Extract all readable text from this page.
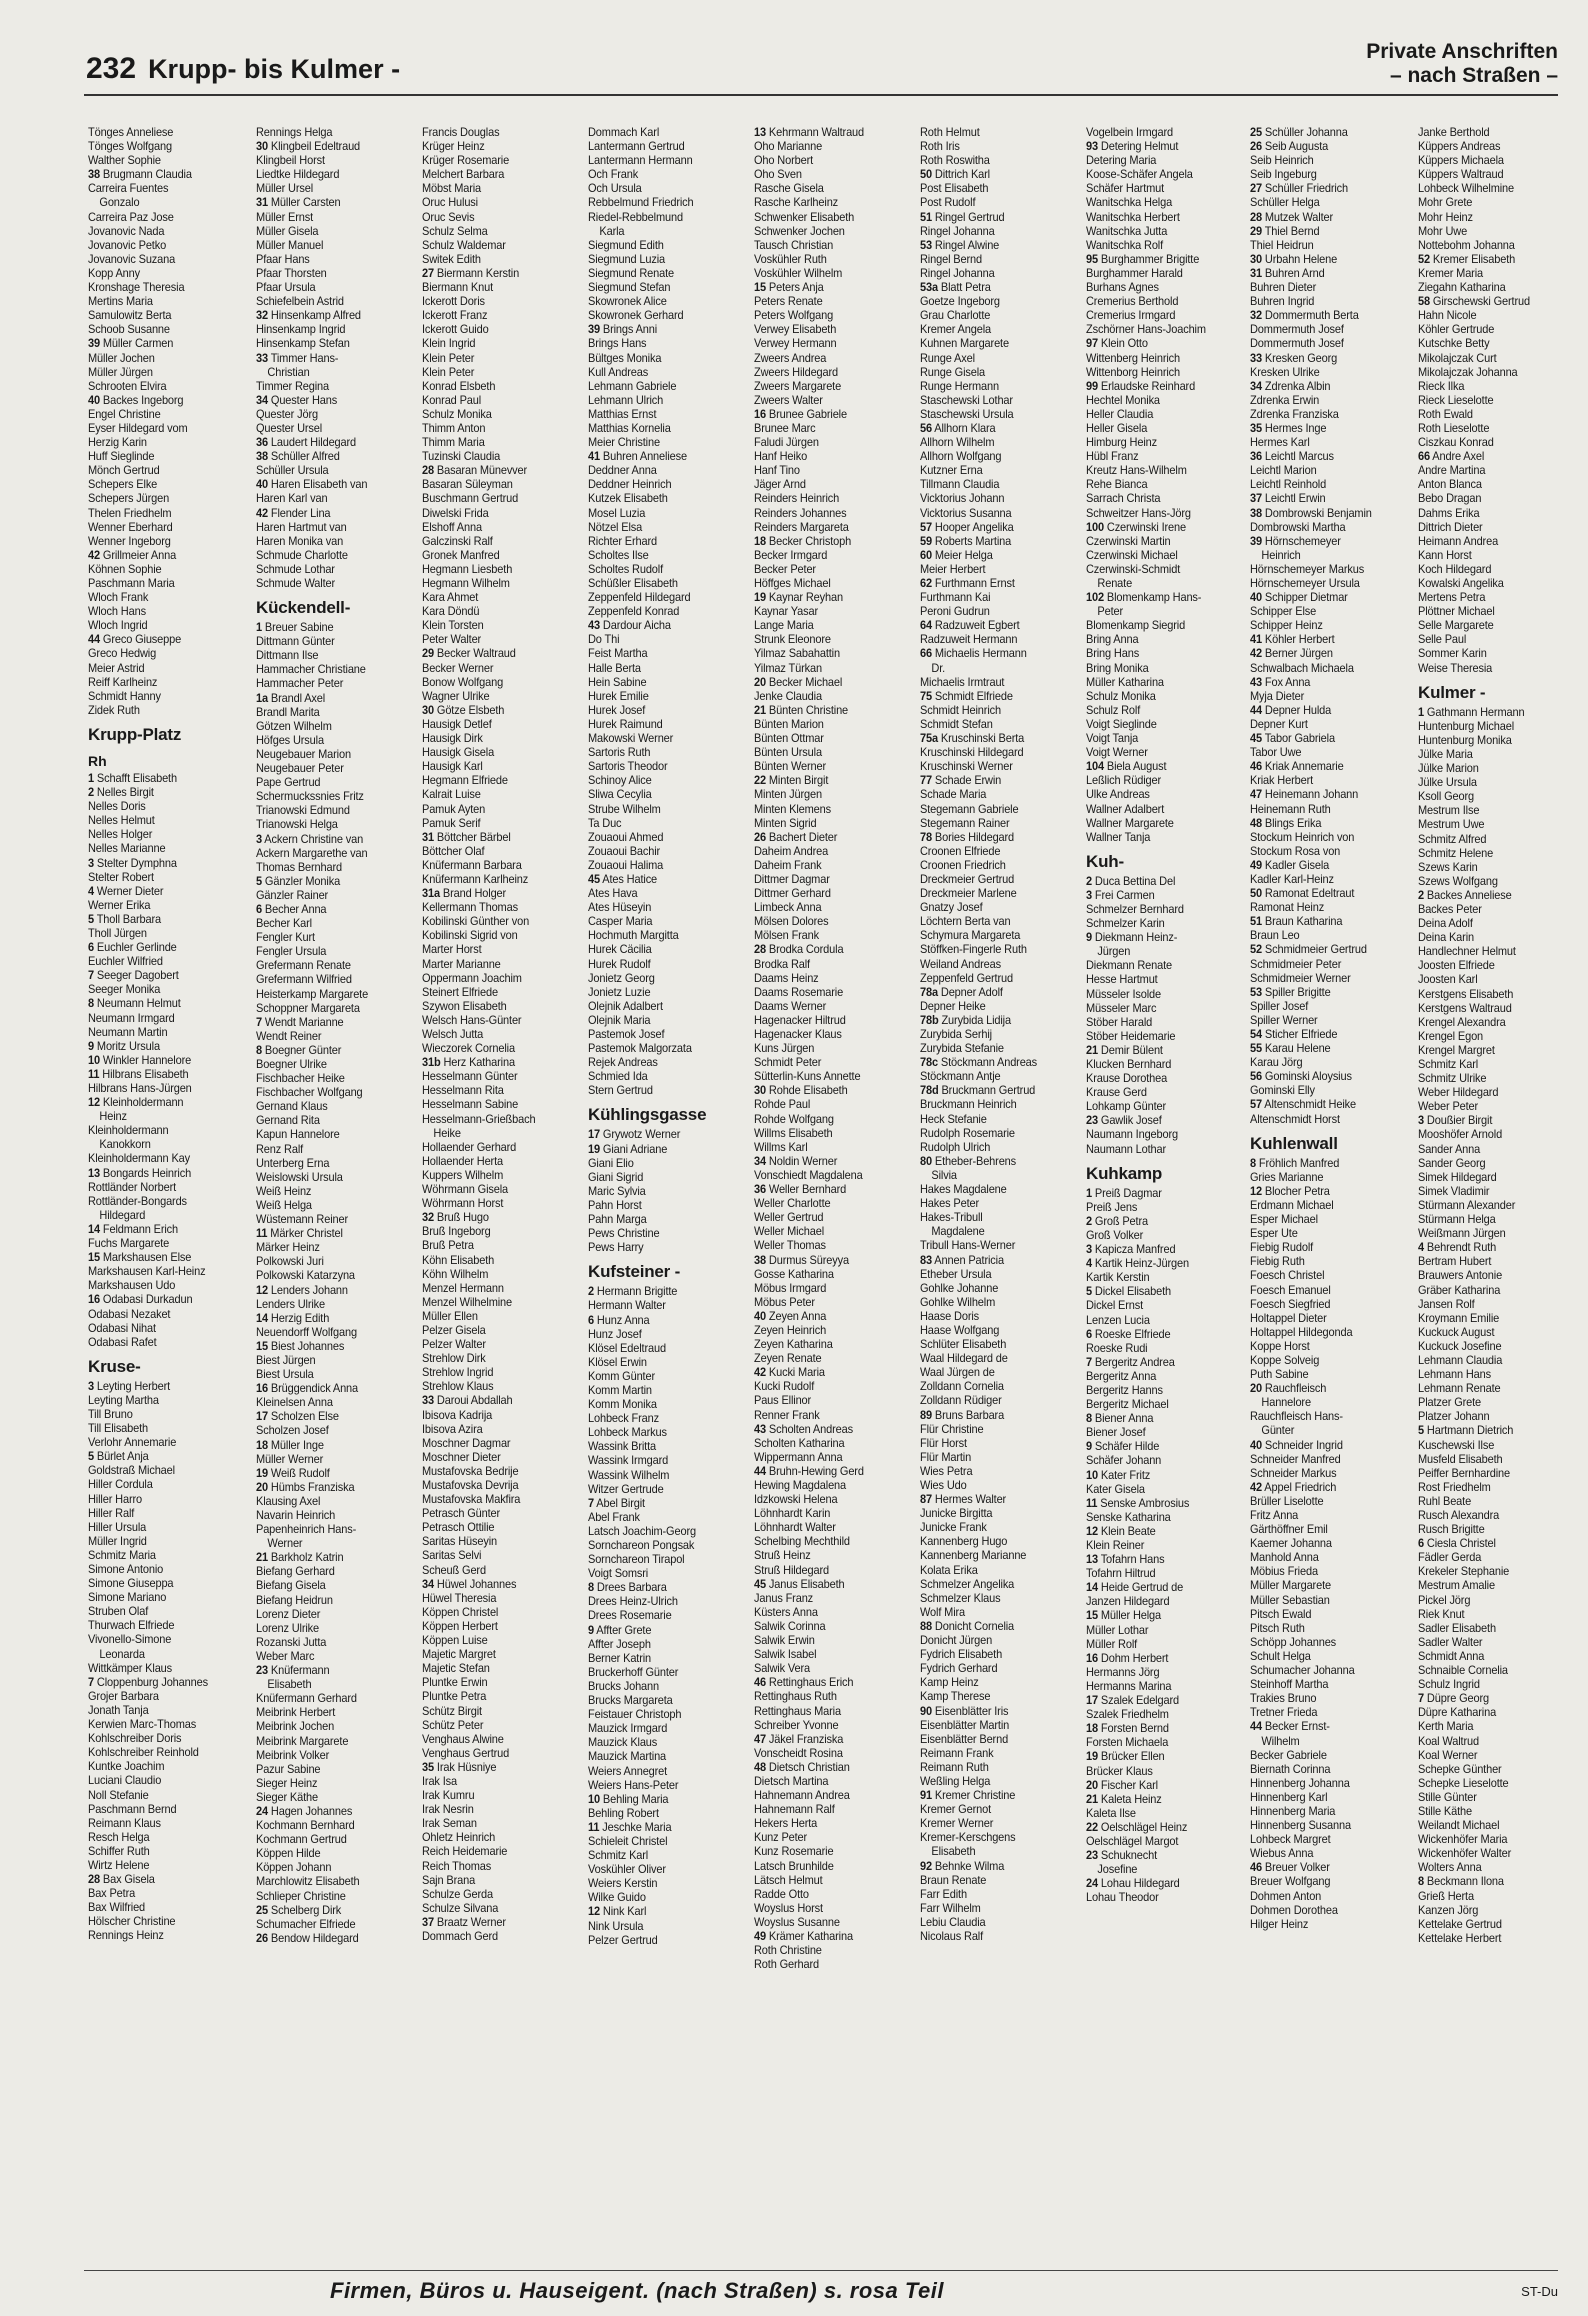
232 Krupp- bis Kulmer -
Private Anschriften
– nach Straßen –
Tönges Anneliese
Tönges Wolfgang
Walther Sophie
38 Brugmann Claudia
Carreira Fuentes
Gonzalo
Carreira Paz Jose
Jovanovic Nada
Jovanovic Petko
Jovanovic Suzana
Kopp Anny
Kronshage Theresia
Mertins Maria
Samulowitz Berta
Schoob Susanne
39 Müller Carmen
Müller Jochen
Müller Jürgen
Schrooten Elvira
40 Backes Ingeborg
Engel Christine
Eyser Hildegard vom
Herzig Karin
Huff Sieglinde
Mönch Gertrud
Schepers Elke
Schepers Jürgen
Thelen Friedhelm
Wenner Eberhard
Wenner Ingeborg
42 Grillmeier Anna
Köhnen Sophie
Paschmann Maria
Wloch Frank
Wloch Hans
Wloch Ingrid
44 Greco Giuseppe
Greco Hedwig
Meier Astrid
Reiff Karlheinz
Schmidt Hanny
Zidek Ruth
Krupp-Platz
Rh
1 Schafft Elisabeth
2 Nelles Birgit
Nelles Doris
Nelles Helmut
Nelles Holger
Nelles Marianne
3 Stelter Dymphna
Stelter Robert
4 Werner Dieter
Werner Erika
5 Tholl Barbara
Tholl Jürgen
6 Euchler Gerlinde
Euchler Wilfried
7 Seeger Dagobert
Seeger Monika
8 Neumann Helmut
Neumann Irmgard
Neumann Martin
9 Moritz Ursula
10 Winkler Hannelore
11 Hilbrans Elisabeth
Hilbrans Hans-Jürgen
12 Kleinholdermann
Heinz
Kleinholdermann
Kanokkorn
Kleinholdermann Kay
13 Bongards Heinrich
Rottländer Norbert
Rottländer-Bongards
Hildegard
14 Feldmann Erich
Fuchs Margarete
15 Markshausen Else
Markshausen Karl-Heinz
Markshausen Udo
16 Odabasi Durkadun
Odabasi Nezaket
Odabasi Nihat
Odabasi Rafet
Kruse-
3 Leyting Herbert
Leyting Martha
Till Bruno
Till Elisabeth
Verlohr Annemarie
5 Bürlet Anja
Goldstraß Michael
Hiller Cordula
Hiller Harro
Hiller Ralf
Hiller Ursula
Müller Ingrid
Schmitz Maria
Simone Antonio
Simone Giuseppa
Simone Mariano
Struben Olaf
Thurwach Elfriede
Vivonello-Simone
Leonarda
Wittkämper Klaus
7 Cloppenburg Johannes
Grojer Barbara
Jonath Tanja
Kerwien Marc-Thomas
Kohlschreiber Doris
Kohlschreiber Reinhold
Kuntke Joachim
Luciani Claudio
Noll Stefanie
Paschmann Bernd
Reimann Klaus
Resch Helga
Schiffer Ruth
Wirtz Helene
28 Bax Gisela
Bax Petra
Bax Wilfried
Hölscher Christine
Rennings Heinz
Rennings Helga
30 Klingbeil Edeltraud
Klingbeil Horst
Liedtke Hildegard
Müller Ursel
31 Müller Carsten
Müller Ernst
Müller Gisela
Müller Manuel
Pfaar Hans
Pfaar Thorsten
Pfaar Ursula
Schiefelbein Astrid
32 Hinsenkamp Alfred
Hinsenkamp Ingrid
Hinsenkamp Stefan
33 Timmer Hans-
Christian
Timmer Regina
34 Quester Hans
Quester Jörg
Quester Ursel
36 Laudert Hildegard
38 Schüller Alfred
Schüller Ursula
40 Haren Elisabeth van
Haren Karl van
42 Flender Lina
Haren Hartmut van
Haren Monika van
Schmude Charlotte
Schmude Lothar
Schmude Walter
Kückendell-
1 Breuer Sabine
Dittmann Günter
Dittmann Ilse
Hammacher Christiane
Hammacher Peter
1a Brandl Axel
Brandl Marita
Götzen Wilhelm
Höfges Ursula
Neugebauer Marion
Neugebauer Peter
Pape Gertrud
Schermuckssnies Fritz
Trianowski Edmund
Trianowski Helga
3 Ackern Christine van
Ackern Margarethe van
Thomas Bernhard
5 Gänzler Monika
Gänzler Rainer
6 Becher Anna
Becher Karl
Fengler Kurt
Fengler Ursula
Grefermann Renate
Grefermann Wilfried
Heisterkamp Margarete
Schoppner Margareta
7 Wendt Marianne
Wendt Reiner
8 Boegner Günter
Boegner Ulrike
Fischbacher Heike
Fischbacher Wolfgang
Gernand Klaus
Gernand Rita
Kapun Hannelore
Renz Ralf
Unterberg Erna
Weislowski Ursula
Weiß Heinz
Weiß Helga
Wüstemann Reiner
11 Märker Christel
Märker Heinz
Polkowski Juri
Polkowski Katarzyna
12 Lenders Johann
Lenders Ulrike
14 Herzig Edith
Neuendorff Wolfgang
15 Biest Johannes
Biest Jürgen
Biest Ursula
16 Brüggendick Anna
Kleinelsen Anna
17 Scholzen Else
Scholzen Josef
18 Müller Inge
Müller Werner
19 Weiß Rudolf
20 Hümbs Franziska
Klausing Axel
Navarin Heinrich
Papenheinrich Hans-
Werner
21 Barkholz Katrin
Biefang Gerhard
Biefang Gisela
Biefang Heidrun
Lorenz Dieter
Lorenz Ulrike
Rozanski Jutta
Weber Marc
23 Knüfermann
Elisabeth
Knüfermann Gerhard
Meibrink Herbert
Meibrink Jochen
Meibrink Margarete
Meibrink Volker
Pazur Sabine
Sieger Heinz
Sieger Käthe
24 Hagen Johannes
Kochmann Bernhard
Kochmann Gertrud
Köppen Hilde
Köppen Johann
Marchlowitz Elisabeth
Schlieper Christine
25 Schelberg Dirk
Schumacher Elfriede
26 Bendow Hildegard
Francis Douglas
Krüger Heinz
Krüger Rosemarie
Melchert Barbara
Möbst Maria
Oruc Hulusi
Oruc Sevis
Schulz Selma
Schulz Waldemar
Switek Edith
27 Biermann Kerstin
Biermann Knut
Ickerott Doris
Ickerott Franz
Ickerott Guido
Klein Ingrid
Klein Peter
Klein Peter
Konrad Elsbeth
Konrad Paul
Schulz Monika
Thimm Anton
Thimm Maria
Tuzinski Claudia
28 Basaran Münevver
Basaran Süleyman
Buschmann Gertrud
Diwelski Frida
Elshoff Anna
Galczinski Ralf
Gronek Manfred
Hegmann Liesbeth
Hegmann Wilhelm
Kara Ahmet
Kara Döndü
Klein Torsten
Peter Walter
29 Becker Waltraud
Becker Werner
Bonow Wolfgang
Wagner Ulrike
30 Götze Elsbeth
Hausigk Detlef
Hausigk Dirk
Hausigk Gisela
Hausigk Karl
Hegmann Elfriede
Kalrait Luise
Pamuk Ayten
Pamuk Serif
31 Böttcher Bärbel
Böttcher Olaf
Knüfermann Barbara
Knüfermann Karlheinz
31a Brand Holger
Kellermann Thomas
Kobilinski Günther von
Kobilinski Sigrid von
Marter Horst
Marter Marianne
Oppermann Joachim
Steinert Elfriede
Szywon Elisabeth
Welsch Hans-Günter
Welsch Jutta
Wieczorek Cornelia
31b Herz Katharina
Hesselmann Günter
Hesselmann Rita
Hesselmann Sabine
Hesselmann-Grießbach
Heike
Hollaender Gerhard
Hollaender Herta
Kuppers Wilhelm
Wöhrmann Gisela
Wöhrmann Horst
32 Bruß Hugo
Bruß Ingeborg
Bruß Petra
Köhn Elisabeth
Köhn Wilhelm
Menzel Hermann
Menzel Wilhelmine
Müller Ellen
Pelzer Gisela
Pelzer Walter
Strehlow Dirk
Strehlow Ingrid
Strehlow Klaus
33 Daroui Abdallah
Ibisova Kadrija
Ibisova Azira
Moschner Dagmar
Moschner Dieter
Mustafovska Bedrije
Mustafovska Devrija
Mustafovska Makfira
Petrasch Günter
Petrasch Ottilie
Saritas Hüseyin
Saritas Selvi
Scheuß Gerd
34 Hüwel Johannes
Hüwel Theresia
Köppen Christel
Köppen Herbert
Köppen Luise
Majetic Margret
Majetic Stefan
Pluntke Erwin
Pluntke Petra
Schütz Birgit
Schütz Peter
Venghaus Alwine
Venghaus Gertrud
35 Irak Hüsniye
Irak Isa
Irak Kumru
Irak Nesrin
Irak Seman
Ohletz Heinrich
Reich Heidemarie
Reich Thomas
Sajn Brana
Schulze Gerda
Schulze Silvana
37 Braatz Werner
Dommach Gerd
Dommach Karl
Lantermann Gertrud
Lantermann Hermann
Och Frank
Och Ursula
Rebbelmund Friedrich
Riedel-Rebbelmund
Karla
Siegmund Edith
Siegmund Luzia
Siegmund Renate
Siegmund Stefan
Skowronek Alice
Skowronek Gerhard
39 Brings Anni
Brings Hans
Bültges Monika
Kull Andreas
Lehmann Gabriele
Lehmann Ulrich
Matthias Ernst
Matthias Kornelia
Meier Christine
41 Buhren Anneliese
Deddner Anna
Deddner Heinrich
Kutzek Elisabeth
Mosel Luzia
Nötzel Elsa
Richter Erhard
Scholtes Ilse
Scholtes Rudolf
Schüßler Elisabeth
Zeppenfeld Hildegard
Zeppenfeld Konrad
43 Dardour Aicha
Do Thi
Feist Martha
Halle Berta
Hein Sabine
Hurek Emilie
Hurek Josef
Hurek Raimund
Makowski Werner
Sartoris Ruth
Sartoris Theodor
Schinoy Alice
Sliwa Cecylia
Strube Wilhelm
Ta Duc
Zouaoui Ahmed
Zouaoui Bachir
Zouaoui Halima
45 Ates Hatice
Ates Hava
Ates Hüseyin
Casper Maria
Hochmuth Margitta
Hurek Cäcilia
Hurek Rudolf
Jonietz Georg
Jonietz Luzie
Olejnik Adalbert
Olejnik Maria
Pastemok Josef
Pastemok Malgorzata
Rejek Andreas
Schmied Ida
Stern Gertrud
Kühlingsgasse
17 Grywotz Werner
19 Giani Adriane
Giani Elio
Giani Sigrid
Maric Sylvia
Pahn Horst
Pahn Marga
Pews Christine
Pews Harry
Kufsteiner -
2 Hermann Brigitte
Hermann Walter
6 Hunz Anna
Hunz Josef
Klösel Edeltraud
Klösel Erwin
Komm Günter
Komm Martin
Komm Monika
Lohbeck Franz
Lohbeck Markus
Wassink Britta
Wassink Irmgard
Wassink Wilhelm
Witzer Gertrude
7 Abel Birgit
Abel Frank
Latsch Joachim-Georg
Sornchareon Pongsak
Sornchareon Tirapol
Voigt Somsri
8 Drees Barbara
Drees Heinz-Ulrich
Drees Rosemarie
9 Affter Grete
Affter Joseph
Berner Katrin
Bruckerhoff Günter
Brucks Johann
Brucks Margareta
Feistauer Christoph
Mauzick Irmgard
Mauzick Klaus
Mauzick Martina
Weiers Annegret
Weiers Hans-Peter
10 Behling Maria
Behling Robert
11 Jeschke Maria
Schieleit Christel
Schmitz Karl
Voskühler Oliver
Weiers Kerstin
Wilke Guido
12 Nink Karl
Nink Ursula
Pelzer Gertrud
13 Kehrmann Waltraud
Oho Marianne
Oho Norbert
Oho Sven
Rasche Gisela
Rasche Karlheinz
Schwenker Elisabeth
Schwenker Jochen
Tausch Christian
Voskühler Ruth
Voskühler Wilhelm
15 Peters Anja
Peters Renate
Peters Wolfgang
Verwey Elisabeth
Verwey Hermann
Zweers Andrea
Zweers Hildegard
Zweers Margarete
Zweers Walter
16 Brunee Gabriele
Brunee Marc
Faludi Jürgen
Hanf Heiko
Hanf Tino
Jäger Arnd
Reinders Heinrich
Reinders Johannes
Reinders Margareta
18 Becker Christoph
Becker Irmgard
Becker Peter
Höffges Michael
19 Kaynar Reyhan
Kaynar Yasar
Lange Maria
Strunk Eleonore
Yilmaz Sabahattin
Yilmaz Türkan
20 Becker Michael
Jenke Claudia
21 Bünten Christine
Bünten Marion
Bünten Ottmar
Bünten Ursula
Bünten Werner
22 Minten Birgit
Minten Jürgen
Minten Klemens
Minten Sigrid
26 Bachert Dieter
Daheim Andrea
Daheim Frank
Dittmer Dagmar
Dittmer Gerhard
Limbeck Anna
Mölsen Dolores
Mölsen Frank
28 Brodka Cordula
Brodka Ralf
Daams Heinz
Daams Rosemarie
Daams Werner
Hagenacker Hiltrud
Hagenacker Klaus
Kuns Jürgen
Schmidt Peter
Sütterlin-Kuns Annette
30 Rohde Elisabeth
Rohde Paul
Rohde Wolfgang
Willms Elisabeth
Willms Karl
34 Noldin Werner
Vonschiedt Magdalena
36 Weller Bernhard
Weller Charlotte
Weller Gertrud
Weller Michael
Weller Thomas
38 Durmus Süreyya
Gosse Katharina
Möbus Irmgard
Möbus Peter
40 Zeyen Anna
Zeyen Heinrich
Zeyen Katharina
Zeyen Renate
42 Kucki Maria
Kucki Rudolf
Paus Ellinor
Renner Frank
43 Scholten Andreas
Scholten Katharina
Wippermann Anna
44 Bruhn-Hewing Gerd
Hewing Magdalena
Idzkowski Helena
Löhnhardt Karin
Löhnhardt Walter
Schelbing Mechthild
Struß Heinz
Struß Hildegard
45 Janus Elisabeth
Janus Franz
Küsters Anna
Salwik Corinna
Salwik Erwin
Salwik Isabel
Salwik Vera
46 Rettinghaus Erich
Rettinghaus Ruth
Rettinghaus Maria
Schreiber Yvonne
47 Jäkel Franziska
Vonscheidt Rosina
48 Dietsch Christian
Dietsch Martina
Hahnemann Andrea
Hahnemann Ralf
Hekers Herta
Kunz Peter
Kunz Rosemarie
Latsch Brunhilde
Lätsch Helmut
Radde Otto
Woyslus Horst
Woyslus Susanne
49 Krämer Katharina
Roth Christine
Roth Gerhard
Roth Helmut
Roth Iris
Roth Roswitha
50 Dittrich Karl
Post Elisabeth
Post Rudolf
51 Ringel Gertrud
Ringel Johanna
53 Ringel Alwine
Ringel Bernd
Ringel Johanna
53a Blatt Petra
Goetze Ingeborg
Grau Charlotte
Kremer Angela
Kuhnen Margarete
Runge Axel
Runge Gisela
Runge Hermann
Staschewski Lothar
Staschewski Ursula
56 Allhorn Klara
Allhorn Wilhelm
Allhorn Wolfgang
Kutzner Erna
Tillmann Claudia
Vicktorius Johann
Vicktorius Susanna
57 Hooper Angelika
59 Roberts Martina
60 Meier Helga
Meier Herbert
62 Furthmann Ernst
Furthmann Kai
Peroni Gudrun
64 Radzuweit Egbert
Radzuweit Hermann
66 Michaelis Hermann
Dr.
Michaelis Irmtraut
75 Schmidt Elfriede
Schmidt Heinrich
Schmidt Stefan
75a Kruschinski Berta
Kruschinski Hildegard
Kruschinski Werner
77 Schade Erwin
Schade Maria
Stegemann Gabriele
Stegemann Rainer
78 Bories Hildegard
Croonen Elfriede
Croonen Friedrich
Dreckmeier Gertrud
Dreckmeier Marlene
Gnatzy Josef
Löchtern Berta van
Schymura Margareta
Stöffken-Fingerle Ruth
Weiland Andreas
Zeppenfeld Gertrud
78a Depner Adolf
Depner Heike
78b Zurybida Lidija
Zurybida Serhij
Zurybida Stefanie
78c Stöckmann Andreas
Stöckmann Antje
78d Bruckmann Gertrud
Bruckmann Heinrich
Heck Stefanie
Rudolph Rosemarie
Rudolph Ulrich
80 Etheber-Behrens
Silvia
Hakes Magdalene
Hakes Peter
Hakes-Tribull
Magdalene
Tribull Hans-Werner
83 Annen Patricia
Etheber Ursula
Gohlke Johanne
Gohlke Wilhelm
Haase Doris
Haase Wolfgang
Schlüter Elisabeth
Waal Hildegard de
Waal Jürgen de
Zolldann Cornelia
Zolldann Rüdiger
89 Bruns Barbara
Flür Christine
Flür Horst
Flür Martin
Wies Petra
Wies Udo
87 Hermes Walter
Junicke Birgitta
Junicke Frank
Kannenberg Hugo
Kannenberg Marianne
Kolata Erika
Schmelzer Angelika
Schmelzer Klaus
Wolf Mira
88 Donicht Cornelia
Donicht Jürgen
Fydrich Elisabeth
Fydrich Gerhard
Kamp Heinz
Kamp Therese
90 Eisenblätter Iris
Eisenblätter Martin
Eisenblätter Bernd
Reimann Frank
Reimann Ruth
Weßling Helga
91 Kremer Christine
Kremer Gernot
Kremer Werner
Kremer-Kerschgens
Elisabeth
92 Behnke Wilma
Braun Renate
Farr Edith
Farr Wilhelm
Lebiu Claudia
Nicolaus Ralf
Vogelbein Irmgard
93 Detering Helmut
Detering Maria
Koose-Schäfer Angela
Schäfer Hartmut
Wanitschka Helga
Wanitschka Herbert
Wanitschka Jutta
Wanitschka Rolf
95 Burghammer Brigitte
Burghammer Harald
Burhans Agnes
Cremerius Berthold
Cremerius Irmgard
Zschörner Hans-Joachim
97 Klein Otto
Wittenberg Heinrich
Wittenborg Heinrich
99 Erlaudske Reinhard
Hechtel Monika
Heller Claudia
Heller Gisela
Himburg Heinz
Hübl Franz
Kreutz Hans-Wilhelm
Rehe Bianca
Sarrach Christa
Schweitzer Hans-Jörg
100 Czerwinski Irene
Czerwinski Martin
Czerwinski Michael
Czerwinski-Schmidt
Renate
102 Blomenkamp Hans-
Peter
Blomenkamp Siegrid
Bring Anna
Bring Hans
Bring Monika
Müller Katharina
Schulz Monika
Schulz Rolf
Voigt Sieglinde
Voigt Tanja
Voigt Werner
104 Biela August
Leßlich Rüdiger
Ulke Andreas
Wallner Adalbert
Wallner Margarete
Wallner Tanja
Kuh-
2 Duca Bettina Del
3 Frei Carmen
Schmelzer Bernhard
Schmelzer Karin
9 Diekmann Heinz-
Jürgen
Diekmann Renate
Hesse Hartmut
Müsseler Isolde
Müsseler Marc
Stöber Harald
Stöber Heidemarie
21 Demir Bülent
Klucken Bernhard
Krause Dorothea
Krause Gerd
Lohkamp Günter
23 Gawlik Josef
Naumann Ingeborg
Naumann Lothar
Kuhkamp
1 Preiß Dagmar
Preiß Jens
2 Groß Petra
Groß Volker
3 Kapicza Manfred
4 Kartik Heinz-Jürgen
Kartik Kerstin
5 Dickel Elisabeth
Dickel Ernst
Lenzen Lucia
6 Roeske Elfriede
Roeske Rudi
7 Bergeritz Andrea
Bergeritz Anna
Bergeritz Hanns
Bergeritz Michael
8 Biener Anna
Biener Josef
9 Schäfer Hilde
Schäfer Johann
10 Kater Fritz
Kater Gisela
11 Senske Ambrosius
Senske Katharina
12 Klein Beate
Klein Reiner
13 Tofahrn Hans
Tofahrn Hiltrud
14 Heide Gertrud de
Janzen Hildegard
15 Müller Helga
Müller Lothar
Müller Rolf
16 Dohm Herbert
Hermanns Jörg
Hermanns Marina
17 Szalek Edelgard
Szalek Friedhelm
18 Forsten Bernd
Forsten Michaela
19 Brücker Ellen
Brücker Klaus
20 Fischer Karl
21 Kaleta Heinz
Kaleta Ilse
22 Oelschlägel Heinz
Oelschlägel Margot
23 Schuknecht
Josefine
24 Lohau Hildegard
Lohau Theodor
25 Schüller Johanna
26 Seib Augusta
Seib Heinrich
Seib Ingeburg
27 Schüller Friedrich
Schüller Helga
28 Mutzek Walter
29 Thiel Bernd
Thiel Heidrun
30 Urbahn Helene
31 Buhren Arnd
Buhren Dieter
Buhren Ingrid
32 Dommermuth Berta
Dommermuth Josef
Dommermuth Josef
33 Kresken Georg
Kresken Ulrike
34 Zdrenka Albin
Zdrenka Erwin
Zdrenka Franziska
35 Hermes Inge
Hermes Karl
36 Leichtl Marcus
Leichtl Marion
Leichtl Reinhold
37 Leichtl Erwin
38 Dombrowski Benjamin
Dombrowski Martha
39 Hörnschemeyer
Heinrich
Hörnschemeyer Markus
Hörnschemeyer Ursula
40 Schipper Dietmar
Schipper Else
Schipper Heinz
41 Köhler Herbert
42 Berner Jürgen
Schwalbach Michaela
43 Fox Anna
Myja Dieter
44 Depner Hulda
Depner Kurt
45 Tabor Gabriela
Tabor Uwe
46 Kriak Annemarie
Kriak Herbert
47 Heinemann Johann
Heinemann Ruth
48 Blings Erika
Stockum Heinrich von
Stockum Rosa von
49 Kadler Gisela
Kadler Karl-Heinz
50 Ramonat Edeltraut
Ramonat Heinz
51 Braun Katharina
Braun Leo
52 Schmidmeier Gertrud
Schmidmeier Peter
Schmidmeier Werner
53 Spiller Brigitte
Spiller Josef
Spiller Werner
54 Sticher Elfriede
55 Karau Helene
Karau Jörg
56 Gominski Aloysius
Gominski Elly
57 Altenschmidt Heike
Altenschmidt Horst
Kuhlenwall
8 Fröhlich Manfred
Gries Marianne
12 Blocher Petra
Erdmann Michael
Esper Michael
Esper Ute
Fiebig Rudolf
Fiebig Ruth
Foesch Christel
Foesch Emanuel
Foesch Siegfried
Holtappel Dieter
Holtappel Hildegonda
Koppe Horst
Koppe Solveig
Puth Sabine
20 Rauchfleisch
Hannelore
Rauchfleisch Hans-
Günter
40 Schneider Ingrid
Schneider Manfred
Schneider Markus
42 Appel Friedrich
Brüller Liselotte
Fritz Anna
Gärthöffner Emil
Kaemer Johanna
Manhold Anna
Möbius Frieda
Müller Margarete
Müller Sebastian
Pitsch Ewald
Pitsch Ruth
Schöpp Johannes
Schult Helga
Schumacher Johanna
Steinhoff Martha
Trakies Bruno
Tretner Frieda
44 Becker Ernst-
Wilhelm
Becker Gabriele
Biernath Corinna
Hinnenberg Johanna
Hinnenberg Karl
Hinnenberg Maria
Hinnenberg Susanna
Lohbeck Margret
Wiebus Anna
46 Breuer Volker
Breuer Wolfgang
Dohmen Anton
Dohmen Dorothea
Hilger Heinz
Janke Berthold
Küppers Andreas
Küppers Michaela
Küppers Waltraud
Lohbeck Wilhelmine
Mohr Grete
Mohr Heinz
Mohr Uwe
Nottebohm Johanna
52 Kremer Elisabeth
Kremer Maria
Ziegahn Katharina
58 Girschewski Gertrud
Hahn Nicole
Köhler Gertrude
Kutschke Betty
Mikolajczak Curt
Mikolajczak Johanna
Rieck Ilka
Rieck Lieselotte
Roth Ewald
Roth Lieselotte
Ciszkau Konrad
66 Andre Axel
Andre Martina
Anton Blanca
Bebo Dragan
Dahms Erika
Dittrich Dieter
Heimann Andrea
Kann Horst
Koch Hildegard
Kowalski Angelika
Mertens Petra
Plöttner Michael
Selle Margarete
Selle Paul
Sommer Karin
Weise Theresia
Kulmer -
1 Gathmann Hermann
Huntenburg Michael
Huntenburg Monika
Jülke Maria
Jülke Marion
Jülke Ursula
Ksoll Georg
Mestrum Ilse
Mestrum Uwe
Schmitz Alfred
Schmitz Helene
Szews Karin
Szews Wolfgang
2 Backes Anneliese
Backes Peter
Deina Adolf
Deina Karin
Handlechner Helmut
Joosten Elfriede
Joosten Karl
Kerstgens Elisabeth
Kerstgens Waltraud
Krengel Alexandra
Krengel Egon
Krengel Margret
Schmitz Karl
Schmitz Ulrike
Weber Hildegard
Weber Peter
3 Doußier Birgit
Mooshöfer Arnold
Sander Anna
Sander Georg
Simek Hildegard
Simek Vladimir
Stürmann Alexander
Stürmann Helga
Weißmann Jürgen
4 Behrendt Ruth
Bertram Hubert
Brauwers Antonie
Gräber Katharina
Jansen Rolf
Kroymann Emilie
Kuckuck August
Kuckuck Josefine
Lehmann Claudia
Lehmann Hans
Lehmann Renate
Platzer Grete
Platzer Johann
5 Hartmann Dietrich
Kuschewski Ilse
Musfeld Elisabeth
Peiffer Bernhardine
Rost Friedhelm
Ruhl Beate
Rusch Alexandra
Rusch Brigitte
6 Ciesla Christel
Fädler Gerda
Krekeler Stephanie
Mestrum Amalie
Pickel Jörg
Riek Knut
Sadler Elisabeth
Sadler Walter
Schmidt Anna
Schnaible Cornelia
Schulz Ingrid
7 Düpre Georg
Düpre Katharina
Kerth Maria
Koal Waltrud
Koal Werner
Schepke Günther
Schepke Lieselotte
Stille Günter
Stille Käthe
Weilandt Michael
Wickenhöfer Maria
Wickenhöfer Walter
Wolters Anna
8 Beckmann Ilona
Grieß Herta
Kanzen Jörg
Kettelake Gertrud
Kettelake Herbert
Firmen, Büros u. Hauseigent. (nach Straßen) s. rosa Teil	ST-Du
